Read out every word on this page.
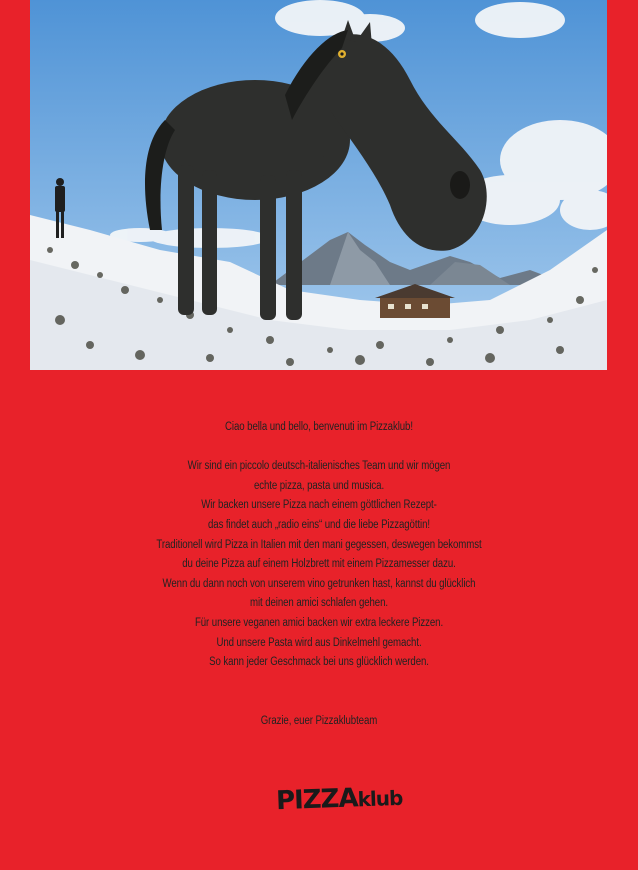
Ciao bella und bello, benvenuti im Pizzaklub!

Wir sind ein piccolo deutsch-italienisches Team und wir mögen

echte pizza, pasta und musica.

Wir backen unsere Pizza nach einem göttlichen Rezept-

das findet auch „radio eins“ und die liebe Pizzagöttin!

Traditionell wird Pizza in Italien mit den mani gegessen, deswegen bekommst

du deine Pizza auf einem Holzbrett mit einem Pizzamesser dazu.

Wenn du dann noch von unserem vino getrunken hast, kannst du glücklich

mit deinen amici schlafen gehen.

Für unsere veganen amici backen wir extra leckere Pizzen.

Und unsere Pasta wird aus Dinkelmehl gemacht.

So kann jeder Geschmack bei uns glücklich werden.

Grazie, euer Pizzaklubteam

PIZZAklub
